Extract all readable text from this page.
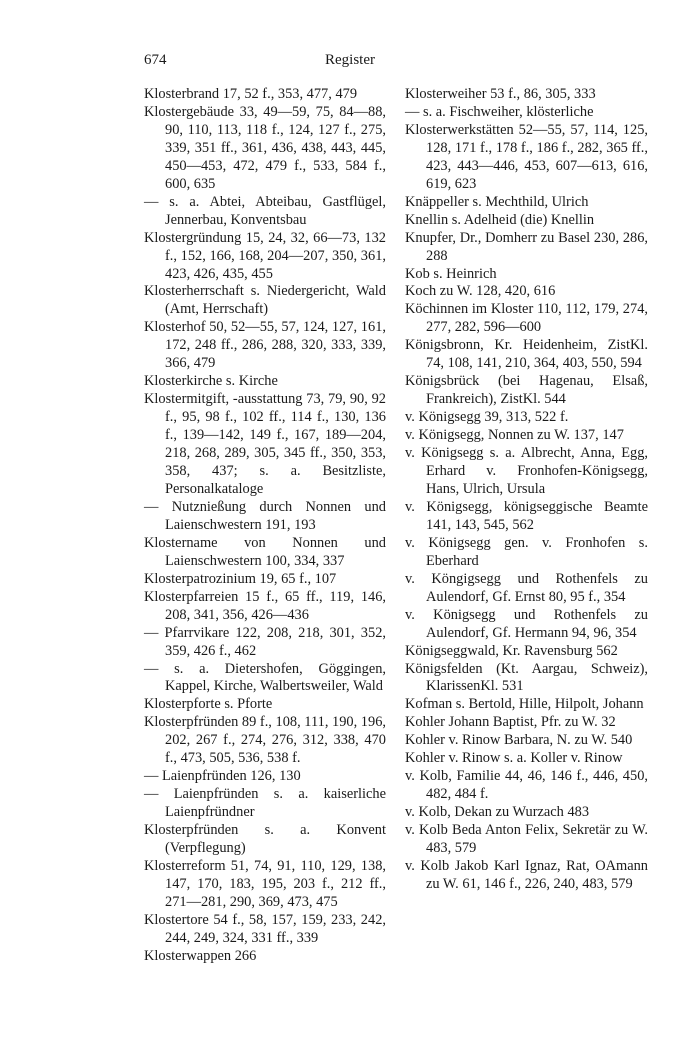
Register
674
Klosterbrand 17, 52 f., 353, 477, 479
Klostergebäude 33, 49—59, 75, 84—88, 90, 110, 113, 118 f., 124, 127 f., 275, 339, 351 ff., 361, 436, 438, 443, 445, 450—453, 472, 479 f., 533, 584 f., 600, 635
— s. a. Abtei, Abteibau, Gastflügel, Jennerbau, Konventsbau
Klostergründung 15, 24, 32, 66—73, 132 f., 152, 166, 168, 204—207, 350, 361, 423, 426, 435, 455
Klosterherrschaft s. Niedergericht, Wald (Amt, Herrschaft)
Klosterhof 50, 52—55, 57, 124, 127, 161, 172, 248 ff., 286, 288, 320, 333, 339, 366, 479
Klosterkirche s. Kirche
Klostermitgift, -ausstattung 73, 79, 90, 92 f., 95, 98 f., 102 ff., 114 f., 130, 136 f., 139—142, 149 f., 167, 189—204, 218, 268, 289, 305, 345 ff., 350, 353, 358, 437; s. a. Besitzliste, Personalkataloge
— Nutznießung durch Nonnen und Laienschwestern 191, 193
Klostername von Nonnen und Laienschwestern 100, 334, 337
Klosterpatrozinium 19, 65 f., 107
Klosterpfarreien 15 f., 65 ff., 119, 146, 208, 341, 356, 426—436
— Pfarrvikare 122, 208, 218, 301, 352, 359, 426 f., 462
— s. a. Dietershofen, Göggingen, Kappel, Kirche, Walbertsweiler, Wald
Klosterpforte s. Pforte
Klosterpfründen 89 f., 108, 111, 190, 196, 202, 267 f., 274, 276, 312, 338, 470 f., 473, 505, 536, 538 f.
— Laienpfründen 126, 130
— Laienpfründen s. a. kaiserliche Laienpfründner
Klosterpfründen s. a. Konvent (Verpflegung)
Klosterreform 51, 74, 91, 110, 129, 138, 147, 170, 183, 195, 203 f., 212 ff., 271—281, 290, 369, 473, 475
Klostertore 54 f., 58, 157, 159, 233, 242, 244, 249, 324, 331 ff., 339
Klosterwappen 266
Klosterweiher 53 f., 86, 305, 333
— s. a. Fischweiher, klösterliche
Klosterwerkstätten 52—55, 57, 114, 125, 128, 171 f., 178 f., 186 f., 282, 365 ff., 423, 443—446, 453, 607—613, 616, 619, 623
Knäppeller s. Mechthild, Ulrich
Knellin s. Adelheid (die) Knellin
Knupfer, Dr., Domherr zu Basel 230, 286, 288
Kob s. Heinrich
Koch zu W. 128, 420, 616
Köchinnen im Kloster 110, 112, 179, 274, 277, 282, 596—600
Königsbronn, Kr. Heidenheim, ZistKl. 74, 108, 141, 210, 364, 403, 550, 594
Königsbrück (bei Hagenau, Elsaß, Frankreich), ZistKl. 544
v. Königsegg 39, 313, 522 f.
v. Königsegg, Nonnen zu W. 137, 147
v. Königsegg s. a. Albrecht, Anna, Egg, Erhard v. Fronhofen-Königsegg, Hans, Ulrich, Ursula
v. Königsegg, königseggische Beamte 141, 143, 545, 562
v. Königsegg gen. v. Fronhofen s. Eberhard
v. Köngigsegg und Rothenfels zu Aulendorf, Gf. Ernst 80, 95 f., 354
v. Königsegg und Rothenfels zu Aulendorf, Gf. Hermann 94, 96, 354
Königseggwald, Kr. Ravensburg 562
Königsfelden (Kt. Aargau, Schweiz), KlarissenKl. 531
Kofman s. Bertold, Hille, Hilpolt, Johann
Kohler Johann Baptist, Pfr. zu W. 32
Kohler v. Rinow Barbara, N. zu W. 540
Kohler v. Rinow s. a. Koller v. Rinow
v. Kolb, Familie 44, 46, 146 f., 446, 450, 482, 484 f.
v. Kolb, Dekan zu Wurzach 483
v. Kolb Beda Anton Felix, Sekretär zu W. 483, 579
v. Kolb Jakob Karl Ignaz, Rat, OAmann zu W. 61, 146 f., 226, 240, 483, 579
